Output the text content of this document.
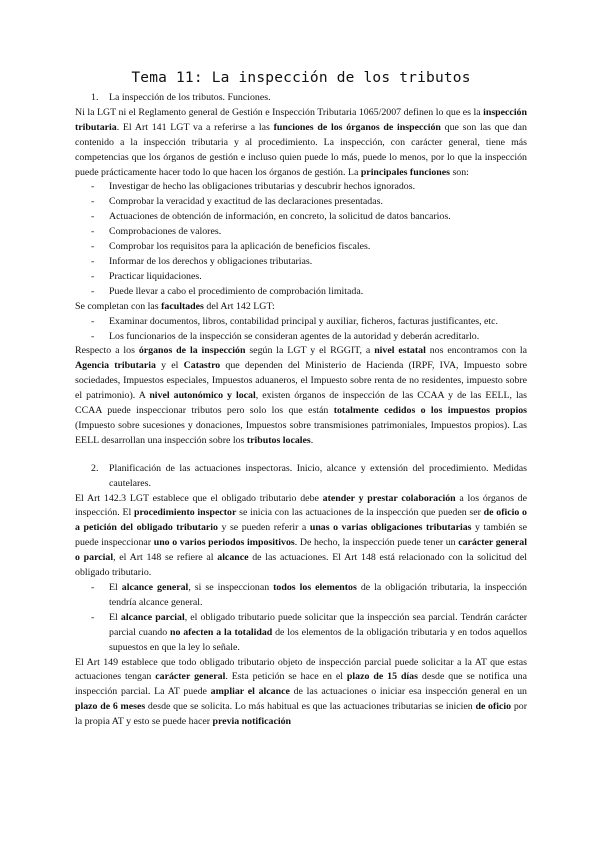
Tema 11: La inspección de los tributos
1.	La inspección de los tributos. Funciones.

Ni la LGT ni el Reglamento general de Gestión e Inspección Tributaria 1065/2007 definen lo que es la inspección tributaria. El Art 141 LGT va a referirse a las funciones de los órganos de inspección que son las que dan contenido a la inspección tributaria y al procedimiento. La inspección, con carácter general, tiene más competencias que los órganos de gestión e incluso quien puede lo más, puede lo menos, por lo que la inspección puede prácticamente hacer todo lo que hacen los órganos de gestión. La principales funciones son:

-	Investigar de hecho las obligaciones tributarias y descubrir hechos ignorados.
-	Comprobar la veracidad y exactitud de las declaraciones presentadas.
-	Actuaciones de obtención de información, en concreto, la solicitud de datos bancarios.
-	Comprobaciones de valores.
-	Comprobar los requisitos para la aplicación de beneficios fiscales.
-	Informar de los derechos y obligaciones tributarias.
-	Practicar liquidaciones.
-	Puede llevar a cabo el procedimiento de comprobación limitada.

Se completan con las facultades del Art 142 LGT:

-	Examinar documentos, libros, contabilidad principal y auxiliar, ficheros, facturas justificantes, etc.
-	Los funcionarios de la inspección se consideran agentes de la autoridad y deberán acreditarlo.

Respecto a los órganos de la inspección según la LGT y el RGGIT, a nivel estatal nos encontramos con la Agencia tributaria y el Catastro que dependen del Ministerio de Hacienda (IRPF, IVA, Impuesto sobre sociedades, Impuestos especiales, Impuestos aduaneros, el Impuesto sobre renta de no residentes, impuesto sobre el patrimonio). A nivel autonómico y local, existen órganos de inspección de las CCAA y de las EELL, las CCAA puede inspeccionar tributos pero solo los que están totalmente cedidos o los impuestos propios (Impuesto sobre sucesiones y donaciones, Impuestos sobre transmisiones patrimoniales, Impuestos propios). Las EELL desarrollan una inspección sobre los tributos locales.

2.	Planificación de las actuaciones inspectoras. Inicio, alcance y extensión del procedimiento. Medidas cautelares.

El Art 142.3 LGT establece que el obligado tributario debe atender y prestar colaboración a los órganos de inspección. El procedimiento inspector se inicia con las actuaciones de la inspección que pueden ser de oficio o a petición del obligado tributario y se pueden referir a unas o varias obligaciones tributarias y también se puede inspeccionar uno o varios periodos impositivos. De hecho, la inspección puede tener un carácter general o parcial, el Art 148 se refiere al alcance de las actuaciones. El Art 148 está relacionado con la solicitud del obligado tributario.

-	El alcance general, si se inspeccionan todos los elementos de la obligación tributaria, la inspección tendría alcance general.
-	El alcance parcial, el obligado tributario puede solicitar que la inspección sea parcial. Tendrán carácter parcial cuando no afecten a la totalidad de los elementos de la obligación tributaria y en todos aquellos supuestos en que la ley lo señale.

El Art 149 establece que todo obligado tributario objeto de inspección parcial puede solicitar a la AT que estas actuaciones tengan carácter general. Esta petición se hace en el plazo de 15 días desde que se notifica una inspección parcial. La AT puede ampliar el alcance de las actuaciones o iniciar esa inspección general en un plazo de 6 meses desde que se solicita. Lo más habitual es que las actuaciones tributarias se inicien de oficio por la propia AT y esto se puede hacer previa notificación
